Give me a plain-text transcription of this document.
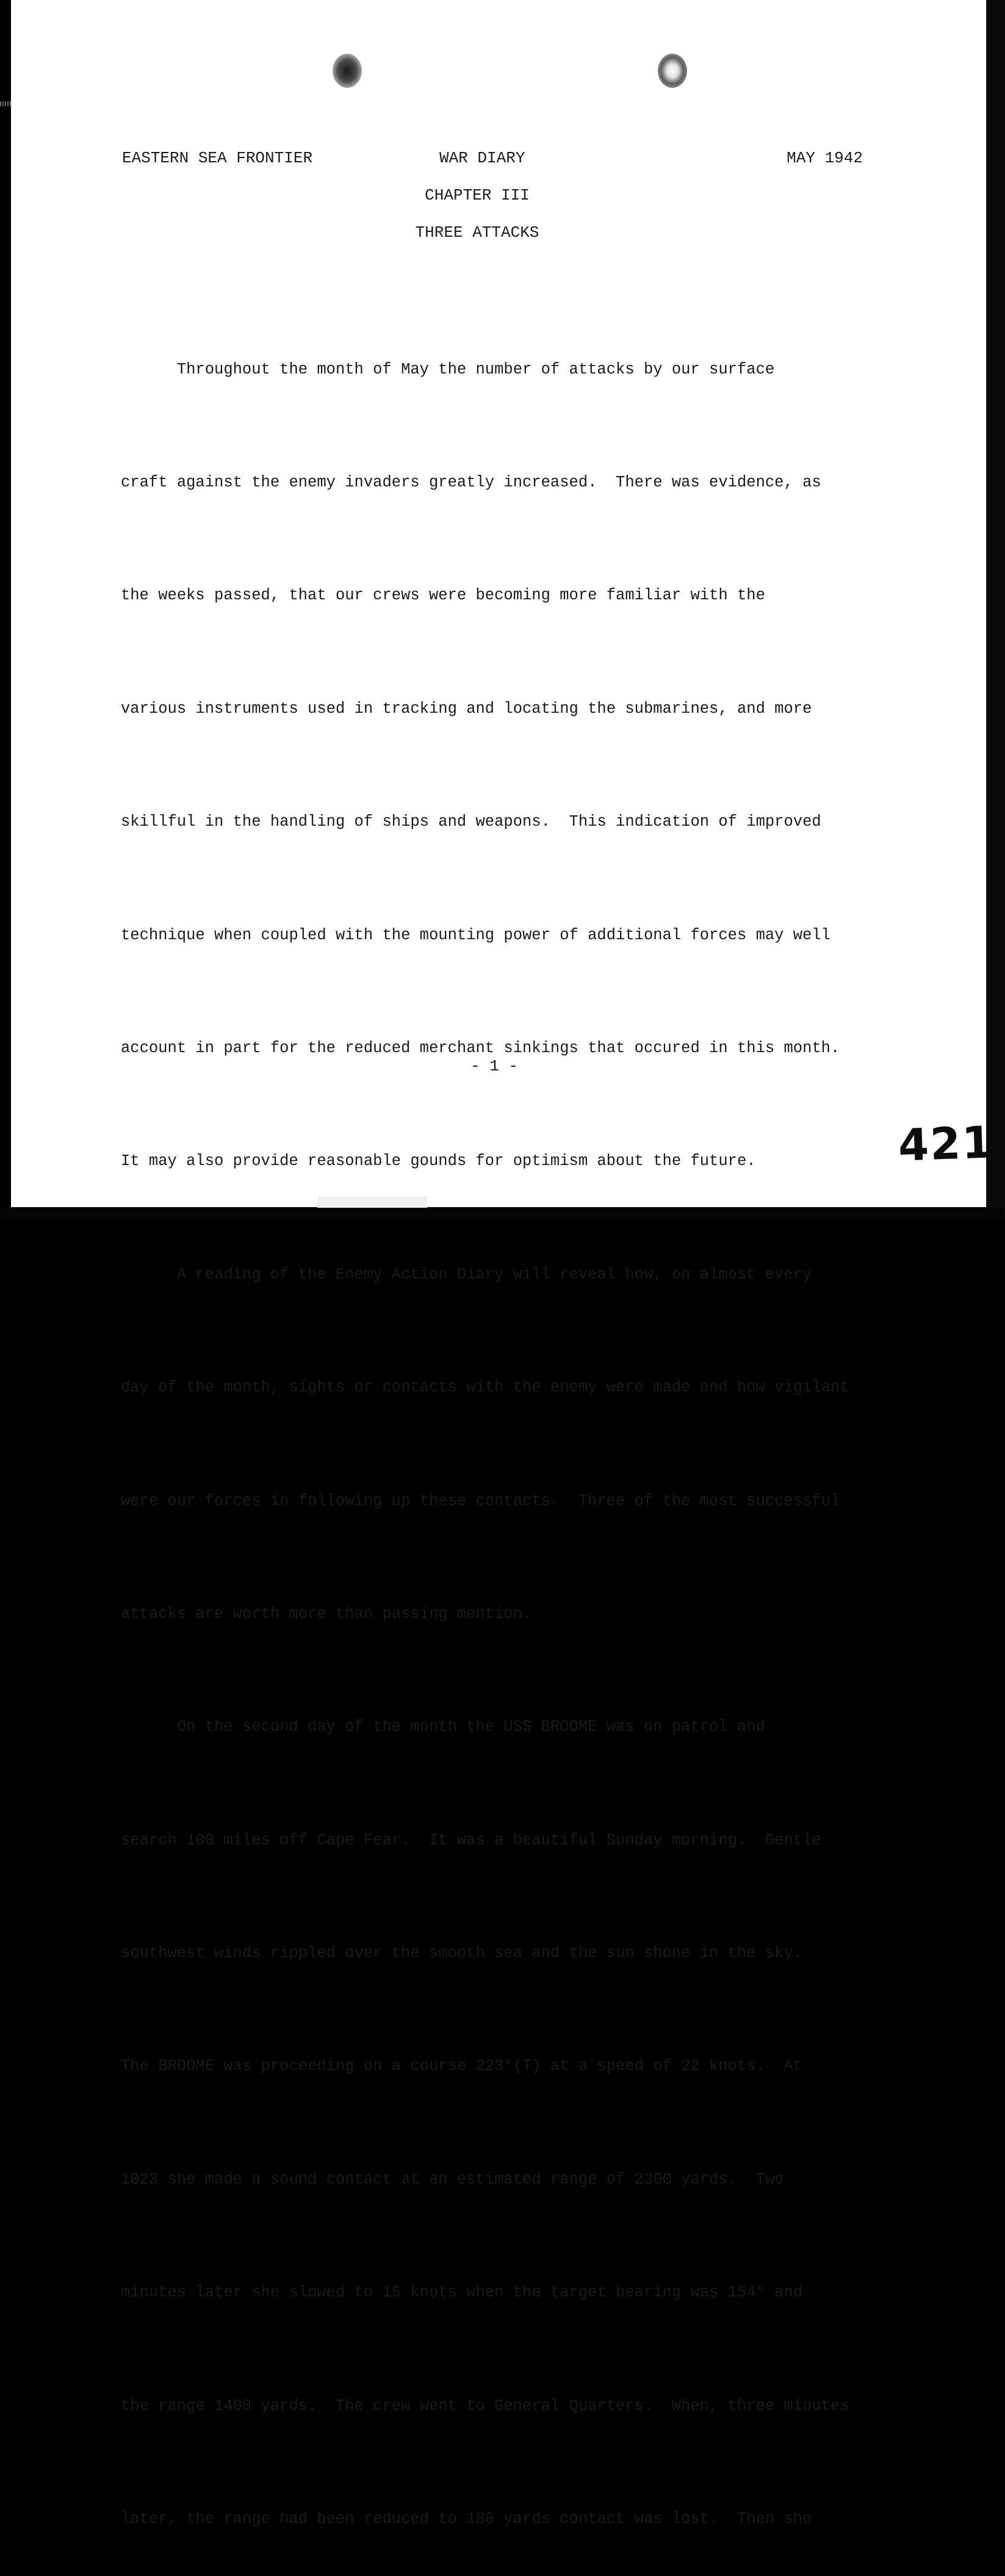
EASTERN SEA FRONTIER	WAR DIARY	MAY 1942
CHAPTER III
THREE ATTACKS

Throughout the month of May the number of attacks by our surface

craft against the enemy invaders greatly increased.  There was evidence, as

the weeks passed, that our crews were becoming more familiar with the

various instruments used in tracking and locating the submarines, and more

skillful in the handling of ships and weapons.  This indication of improved

technique when coupled with the mounting power of additional forces may well

account in part for the reduced merchant sinkings that occured in this month.

It may also provide reasonable gounds for optimism about the future.

A reading of the Enemy Action Diary will reveal how, on almost every

day of the month, sights or contacts with the enemy were made and how vigilant

were our forces in following up these contacts.  Three of the most successful

attacks are worth more than passing mention.

On the second day of the month the USS BROOME was on patrol and

search 100 miles off Cape Fear.  It was a beautiful Sunday morning.  Gentle

southwest winds rippled over the smooth sea and the sun shone in the sky.

The BROOME was proceeding on a course 223°(T) at a speed of 22 knots.  At

1023 she made a sound contact at an estimated range of 2300 yards.  Two

minutes later she slowed to 15 knots when the target bearing was 154° and

the range 1400 yards.  The crew went to General Quarters.  When, three minutes

later, the range had been reduced to 180 yards contact was lost.  Then she

- 1 -
421
